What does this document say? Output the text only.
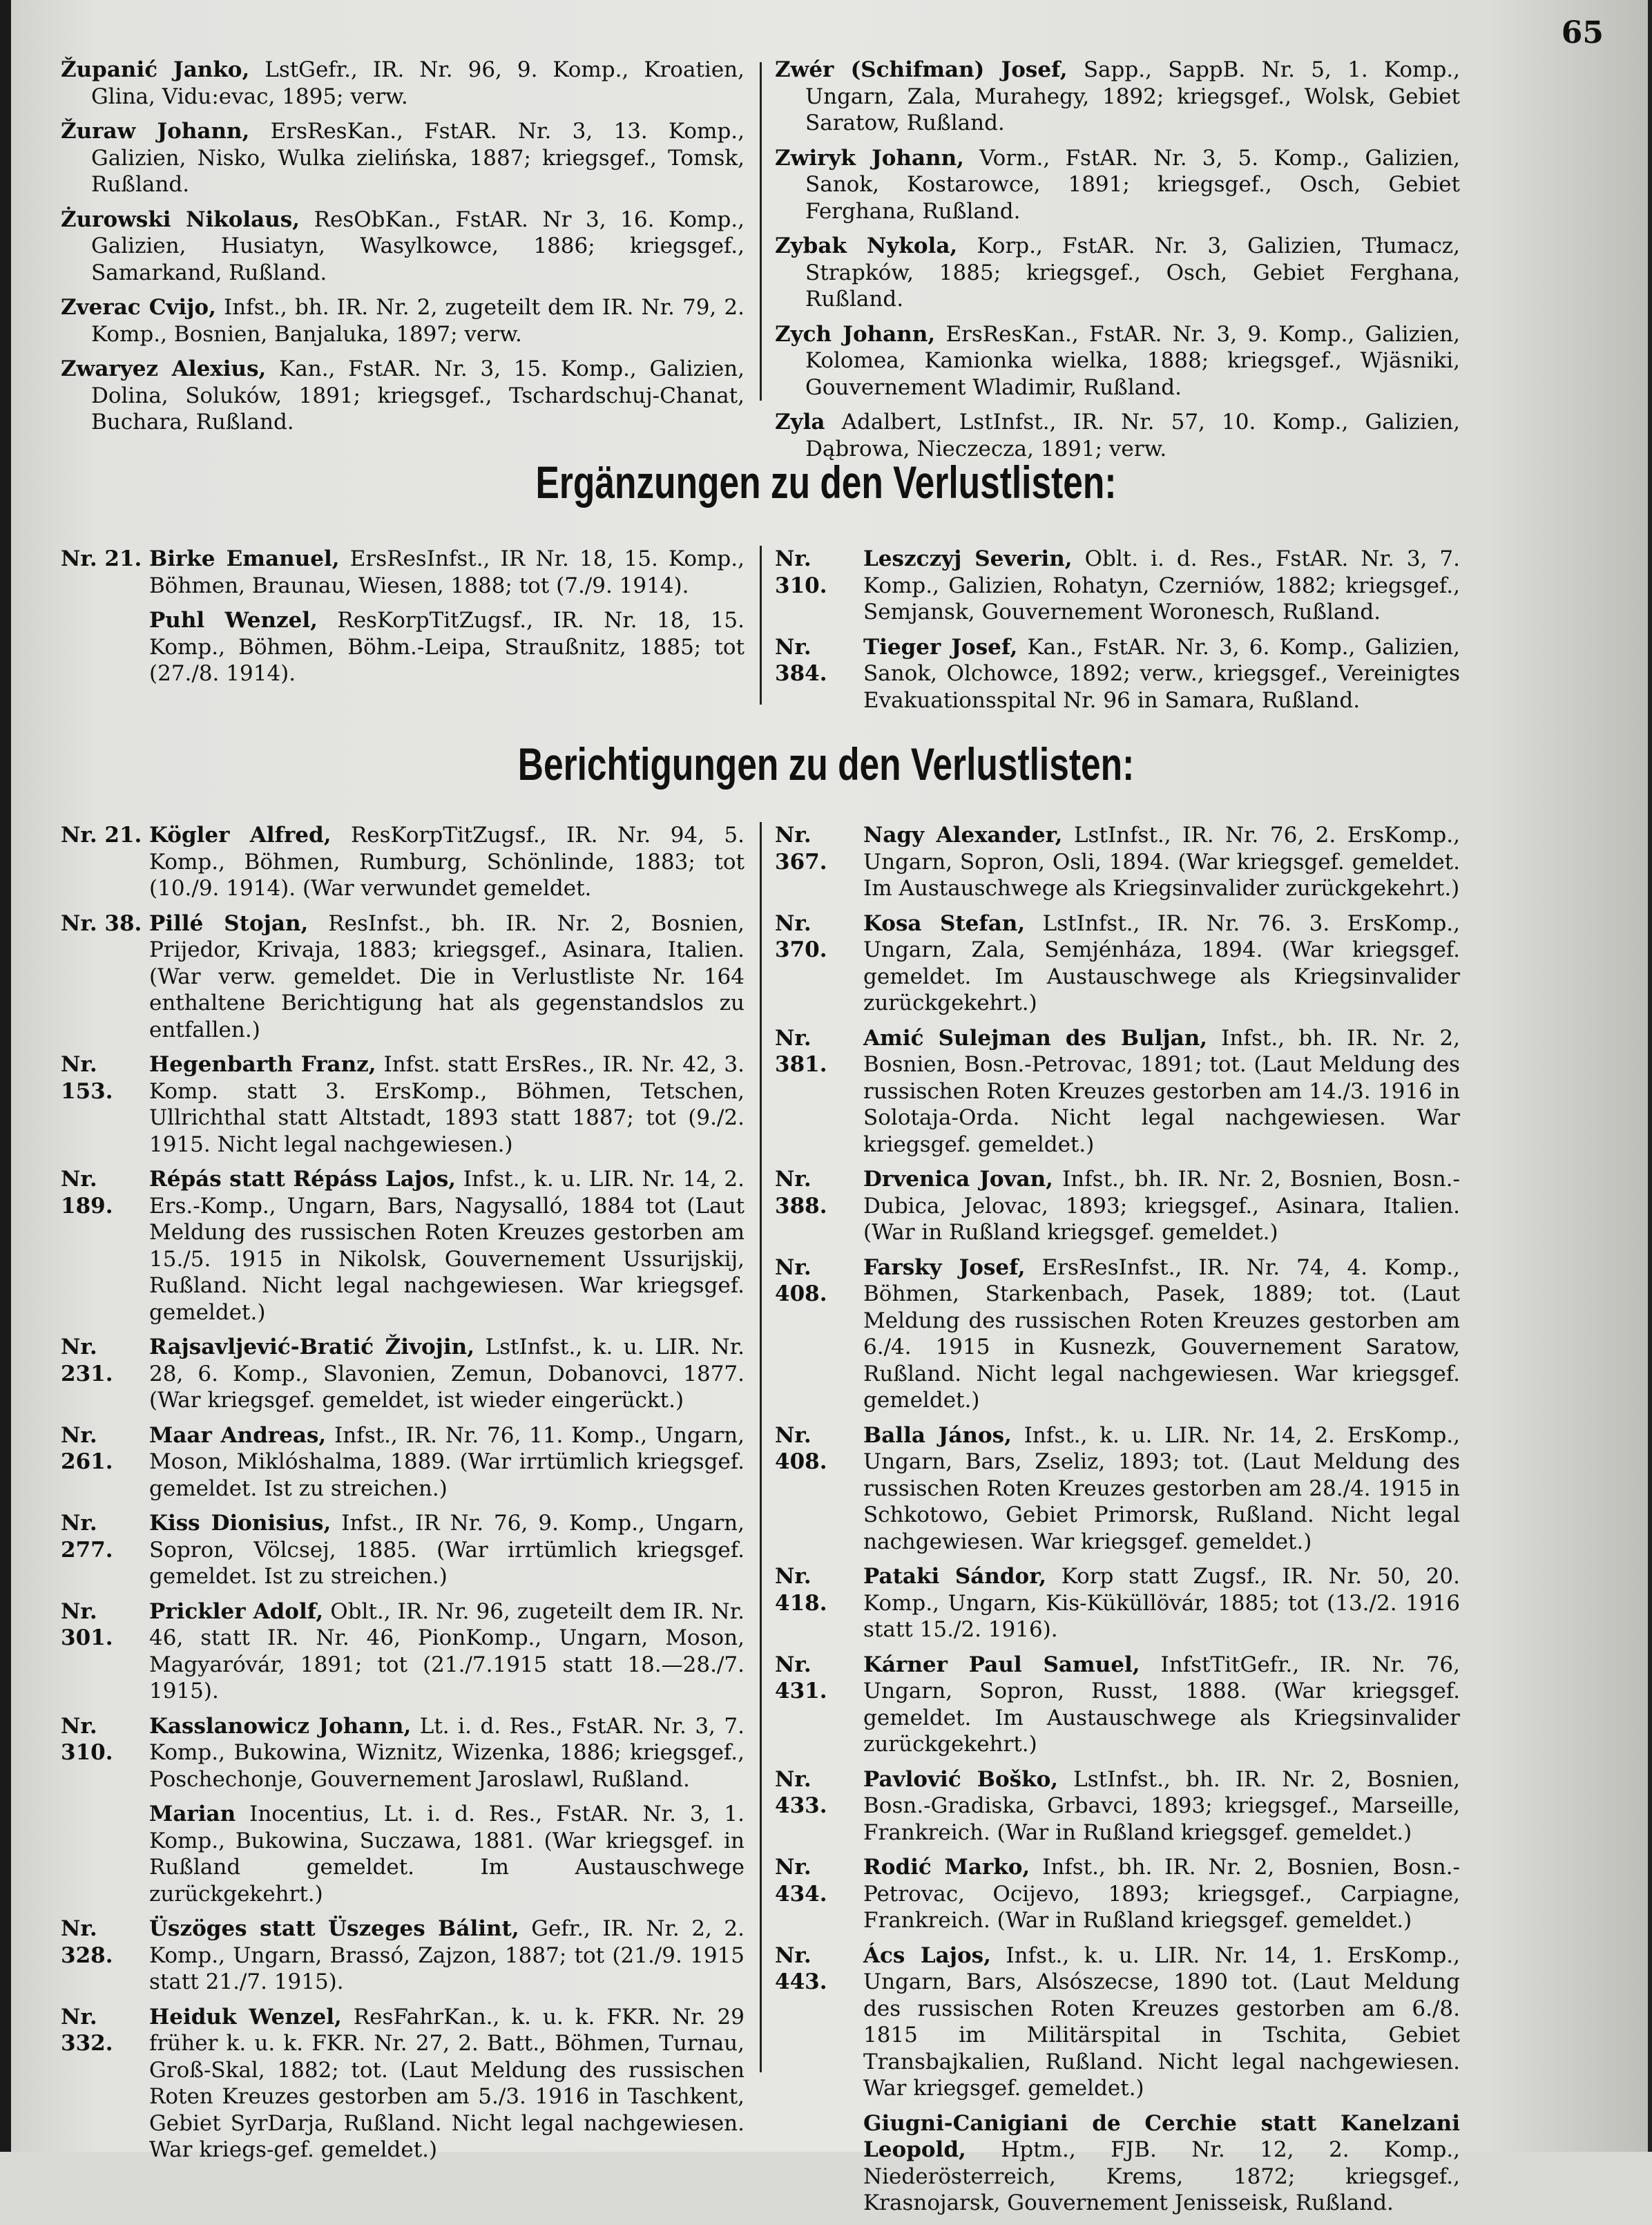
65
Županić Janko, LstGefr., IR. Nr. 96, 9. Komp., Kroatien, Glina, Vidu:evac, 1895; verw.
Žuraw Johann, ErsResKan., FstAR. Nr. 3, 13. Komp., Galizien, Nisko, Wulka zielińska, 1887; kriegsgef., Tomsk, Rußland.
Żurowski Nikolaus, ResObKan., FstAR. Nr 3, 16. Komp., Galizien, Husiatyn, Wasylkowce, 1886; kriegsgef., Samarkand, Rußland.
Zverac Cvijo, Infst., bh. IR. Nr. 2, zugeteilt dem IR. Nr. 79, 2. Komp., Bosnien, Banjaluka, 1897; verw.
Zwaryez Alexius, Kan., FstAR. Nr. 3, 15. Komp., Galizien, Dolina, Soluków, 1891; kriegsgef., Tschardschuj-Chanat, Buchara, Rußland.
Zwér (Schifman) Josef, Sapp., SappB. Nr. 5, 1. Komp., Ungarn, Zala, Murahegy, 1892; kriegsgef., Wolsk, Gebiet Saratow, Rußland.
Zwiryk Johann, Vorm., FstAR. Nr. 3, 5. Komp., Galizien, Sanok, Kostarowce, 1891; kriegsgef., Osch, Gebiet Ferghana, Rußland.
Zybak Nykola, Korp., FstAR. Nr. 3, Galizien, Tłumacz, Strapków, 1885; kriegsgef., Osch, Gebiet Ferghana, Rußland.
Zych Johann, ErsResKan., FstAR. Nr. 3, 9. Komp., Galizien, Kolomea, Kamionka wielka, 1888; kriegsgef., Wjäsniki, Gouvernement Wladimir, Rußland.
Zyla Adalbert, LstInfst., IR. Nr. 57, 10. Komp., Galizien, Dąbrowa, Nieczecza, 1891; verw.
Ergänzungen zu den Verlustlisten:
Nr. 21. Birke Emanuel, ErsResInfst., IR Nr. 18, 15. Komp., Böhmen, Braunau, Wiesen, 1888; tot (7./9. 1914).
Puhl Wenzel, ResKorpTitZugsf., IR. Nr. 18, 15. Komp., Böhmen, Böhm.-Leipa, Straußnitz, 1885; tot (27./8. 1914).
Nr. 310.
Leszczyj Severin, Oblt. i. d. Res., FstAR. Nr. 3, 7. Komp., Galizien, Rohatyn, Czerniów, 1882; kriegsgef., Semjansk, Gouvernement Woronesch, Rußland.
Nr. 384.
Tieger Josef, Kan., FstAR. Nr. 3, 6. Komp., Galizien, Sanok, Olchowce, 1892; verw., kriegsgef., Vereinigtes Evakuationsspital Nr. 96 in Samara, Rußland.
Berichtigungen zu den Verlustlisten:
Nr. 21. Kögler Alfred, ResKorpTitZugsf., IR. Nr. 94, 5. Komp., Böhmen, Rumburg, Schönlinde, 1883; tot (10./9. 1914). (War verwundet gemeldet.
Nr. 38. Pillé Stojan, ResInfst., bh. IR. Nr. 2, Bosnien, Prijedor, Krivaja, 1883; kriegsgef., Asinara, Italien. (War verw. gemeldet. Die in Verlustliste Nr. 164 enthaltene Berichtigung hat als gegenstandslos zu entfallen.)
Nr. 153.
Hegenbarth Franz, Infst. statt ErsRes., IR. Nr. 42, 3. Komp. statt 3. ErsKomp., Böhmen, Tetschen, Ullrichthal statt Altstadt, 1893 statt 1887; tot (9./2. 1915. Nicht legal nachgewiesen.)
Nr. 189.
Répás statt Répáss Lajos, Infst., k. u. LIR. Nr. 14, 2. Ers.-Komp., Ungarn, Bars, Nagysalló, 1884 tot (Laut Meldung des russischen Roten Kreuzes gestorben am 15./5. 1915 in Nikolsk, Gouvernement Ussurijskij, Rußland. Nicht legal nachgewiesen. War kriegsgef. gemeldet.)
Nr. 231.
Rajsavljević-Bratić Živojin, LstInfst., k. u. LIR. Nr. 28, 6. Komp., Slavonien, Zemun, Dobanovci, 1877. (War kriegsgef. gemeldet, ist wieder eingerückt.)
Nr. 261.
Maar Andreas, Infst., IR. Nr. 76, 11. Komp., Ungarn, Moson, Miklóshalma, 1889. (War irrtümlich kriegsgef. gemeldet. Ist zu streichen.)
Nr. 277.
Kiss Dionisius, Infst., IR Nr. 76, 9. Komp., Ungarn, Sopron, Völcsej, 1885. (War irrtümlich kriegsgef. gemeldet. Ist zu streichen.)
Nr. 301.
Prickler Adolf, Oblt., IR. Nr. 96, zugeteilt dem IR. Nr. 46, statt IR. Nr. 46, PionKomp., Ungarn, Moson, Magyaróvár, 1891; tot (21./7.1915 statt 18.—28./7. 1915).
Nr. 310.
Kasslanowicz Johann, Lt. i. d. Res., FstAR. Nr. 3, 7. Komp., Bukowina, Wiznitz, Wizenka, 1886; kriegsgef., Poschechonje, Gouvernement Jaroslawl, Rußland.
Marian Inocentius, Lt. i. d. Res., FstAR. Nr. 3, 1. Komp., Bukowina, Suczawa, 1881. (War kriegsgef. in Rußland gemeldet. Im Austauschwege zurückgekehrt.)
Nr. 328.
Üszöges statt Üszeges Bálint, Gefr., IR. Nr. 2, 2. Komp., Ungarn, Brassó, Zajzon, 1887; tot (21./9. 1915 statt 21./7. 1915).
Nr. 332.
Heiduk Wenzel, ResFahrKan., k. u. k. FKR. Nr. 29 früher k. u. k. FKR. Nr. 27, 2. Batt., Böhmen, Turnau, Groß-Skal, 1882; tot. (Laut Meldung des russischen Roten Kreuzes gestorben am 5./3. 1916 in Taschkent, Gebiet SyrDarja, Rußland. Nicht legal nachgewiesen. War kriegs-gef. gemeldet.)
Nr. 367.
Nagy Alexander, LstInfst., IR. Nr. 76, 2. ErsKomp., Ungarn, Sopron, Osli, 1894. (War kriegsgef. gemeldet. Im Austauschwege als Kriegsinvalider zurückgekehrt.)
Nr. 370.
Kosa Stefan, LstInfst., IR. Nr. 76. 3. ErsKomp., Ungarn, Zala, Semjénháza, 1894. (War kriegsgef. gemeldet. Im Austauschwege als Kriegsinvalider zurückgekehrt.)
Nr. 381.
Amić Sulejman des Buljan, Infst., bh. IR. Nr. 2, Bosnien, Bosn.-Petrovac, 1891; tot. (Laut Meldung des russischen Roten Kreuzes gestorben am 14./3. 1916 in Solotaja-Orda. Nicht legal nachgewiesen. War kriegsgef. gemeldet.)
Nr. 388.
Drvenica Jovan, Infst., bh. IR. Nr. 2, Bosnien, Bosn.-Dubica, Jelovac, 1893; kriegsgef., Asinara, Italien. (War in Rußland kriegsgef. gemeldet.)
Nr. 408.
Farsky Josef, ErsResInfst., IR. Nr. 74, 4. Komp., Böhmen, Starkenbach, Pasek, 1889; tot. (Laut Meldung des russischen Roten Kreuzes gestorben am 6./4. 1915 in Kusnezk, Gouvernement Saratow, Rußland. Nicht legal nachgewiesen. War kriegsgef. gemeldet.)
Nr. 408.
Balla János, Infst., k. u. LIR. Nr. 14, 2. ErsKomp., Ungarn, Bars, Zseliz, 1893; tot. (Laut Meldung des russischen Roten Kreuzes gestorben am 28./4. 1915 in Schkotowo, Gebiet Primorsk, Rußland. Nicht legal nachgewiesen. War kriegsgef. gemeldet.)
Nr. 418.
Pataki Sándor, Korp statt Zugsf., IR. Nr. 50, 20. Komp., Ungarn, Kis-Küküllövár, 1885; tot (13./2. 1916 statt 15./2. 1916).
Nr. 431.
Kárner Paul Samuel, InfstTitGefr., IR. Nr. 76, Ungarn, Sopron, Russt, 1888. (War kriegsgef. gemeldet. Im Austauschwege als Kriegsinvalider zurückgekehrt.)
Nr. 433.
Pavlović Boško, LstInfst., bh. IR. Nr. 2, Bosnien, Bosn.-Gradiska, Grbavci, 1893; kriegsgef., Marseille, Frankreich. (War in Rußland kriegsgef. gemeldet.)
Nr. 434.
Rodić Marko, Infst., bh. IR. Nr. 2, Bosnien, Bosn.-Petrovac, Ocijevo, 1893; kriegsgef., Carpiagne, Frankreich. (War in Rußland kriegsgef. gemeldet.)
Nr. 443.
Ács Lajos, Infst., k. u. LIR. Nr. 14, 1. ErsKomp., Ungarn, Bars, Alsószecse, 1890 tot. (Laut Meldung des russischen Roten Kreuzes gestorben am 6./8. 1815 im Militärspital in Tschita, Gebiet Transbajkalien, Rußland. Nicht legal nachgewiesen. War kriegsgef. gemeldet.)
Giugni-Canigiani de Cerchie statt Kanelzani Leopold, Hptm., FJB. Nr. 12, 2. Komp., Niederösterreich, Krems, 1872; kriegsgef., Krasnojarsk, Gouvernement Jenisseisk, Rußland.
